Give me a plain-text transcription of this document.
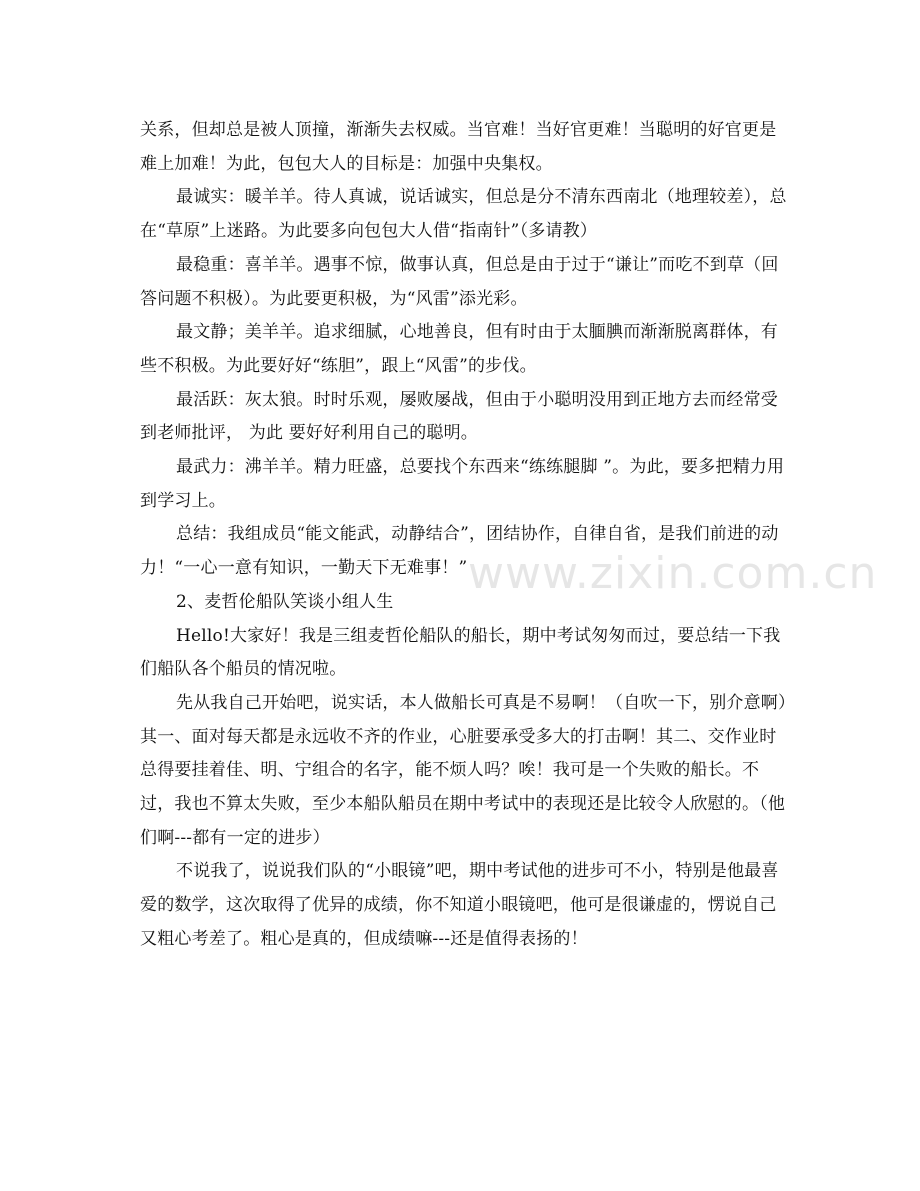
www.zixin.com.cn

关系，但却总是被人顶撞，渐渐失去权威。当官难！当好官更难！当聪明的好官更是难上加难！为此，包包大人的目标是：加强中央集权。

最诚实：暖羊羊。待人真诚，说话诚实，但总是分不清东西南北（地理较差），总在“草原”上迷路。为此要多向包包大人借“指南针”（多请教）

最稳重：喜羊羊。遇事不惊，做事认真，但总是由于过于“谦让”而吃不到草（回答问题不积极）。为此要更积极，为“风雷”添光彩。

最文静；美羊羊。追求细腻，心地善良，但有时由于太腼腆而渐渐脱离群体，有些不积极。为此要好好“练胆”，跟上“风雷”的步伐。

最活跃：灰太狼。时时乐观，屡败屡战，但由于小聪明没用到正地方去而经常受到老师批评， 为此 要好好利用自己的聪明。

最武力：沸羊羊。精力旺盛，总要找个东西来“练练腿脚 ”。为此，要多把精力用到学习上。

总结：我组成员“能文能武，动静结合”，团结协作，自律自省，是我们前进的动力！“一心一意有知识，一勤天下无难事！”

2、麦哲伦船队笑谈小组人生

Hello!大家好！我是三组麦哲伦船队的船长，期中考试匆匆而过，要总结一下我们船队各个船员的情况啦。

先从我自己开始吧，说实话，本人做船长可真是不易啊！（自吹一下，别介意啊）其一、面对每天都是永远收不齐的作业，心脏要承受多大的打击啊！其二、交作业时总得要挂着佳、明、宁组合的名字，能不烦人吗？唉！我可是一个失败的船长。不过，我也不算太失败，至少本船队船员在期中考试中的表现还是比较令人欣慰的。（他们啊---都有一定的进步）

不说我了，说说我们队的“小眼镜”吧，期中考试他的进步可不小，特别是他最喜爱的数学，这次取得了优异的成绩，你不知道小眼镜吧，他可是很谦虚的，愣说自己又粗心考差了。粗心是真的，但成绩嘛---还是值得表扬的！
